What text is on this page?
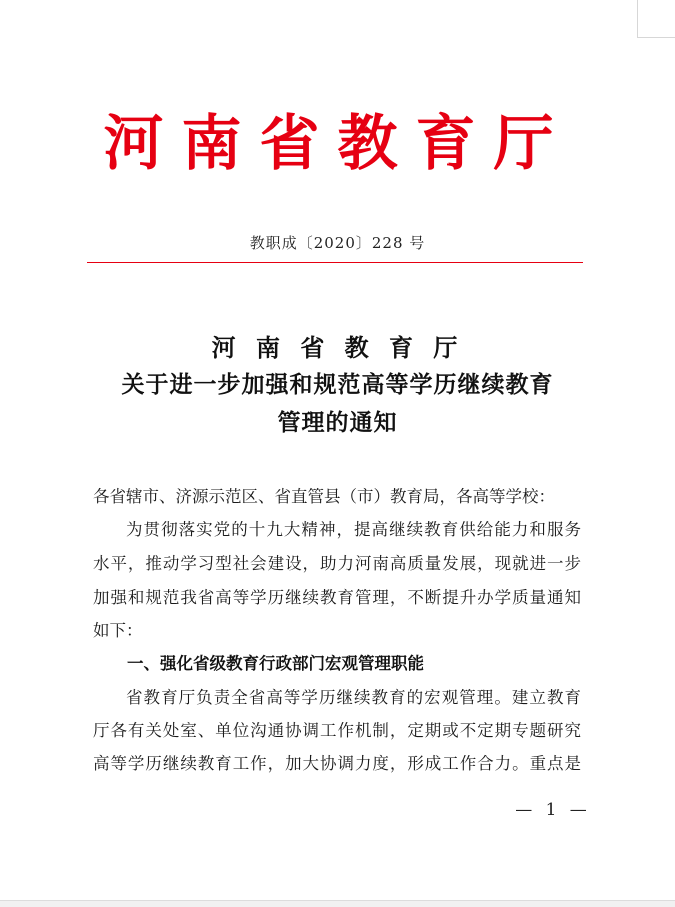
河南省教育厅
教职成〔2020〕228 号
河 南 省 教 育 厅
关于进一步加强和规范高等学历继续教育
管理的通知
各省辖市、济源示范区、省直管县（市）教育局，各高等学校：
为贯彻落实党的十九大精神，提高继续教育供给能力和服务
水平，推动学习型社会建设，助力河南高质量发展，现就进一步
加强和规范我省高等学历继续教育管理，不断提升办学质量通知
如下：
一、强化省级教育行政部门宏观管理职能
省教育厅负责全省高等学历继续教育的宏观管理。建立教育
厅各有关处室、单位沟通协调工作机制，定期或不定期专题研究
高等学历继续教育工作，加大协调力度，形成工作合力。重点是
— 1 —
